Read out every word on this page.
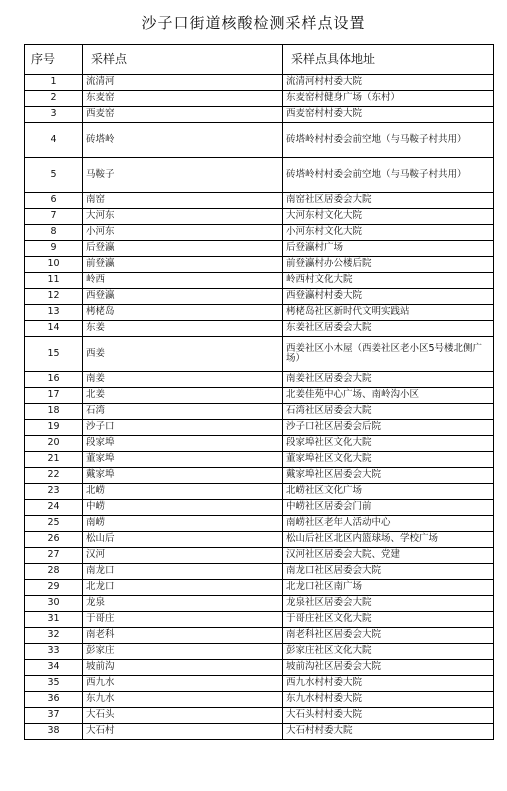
沙子口街道核酸检测采样点设置
序号	采样点	采样点具体地址
1	流清河	流清河村村委大院
2	东麦窑	东麦窑村健身广场（东村）
3	西麦窑	西麦窑村村委大院
4	砖塔岭	砖塔岭村村委会前空地（与马鞍子村共用）
5	马鞍子	砖塔岭村村委会前空地（与马鞍子村共用）
6	南窑	南窑社区居委会大院
7	大河东	大河东村文化大院
8	小河东	小河东村文化大院
9	后登瀛	后登瀛村广场
10	前登瀛	前登瀛村办公楼后院
11	岭西	岭西村文化大院
12	西登瀛	西登瀛村村委大院
13	栲栳岛	栲栳岛社区新时代文明实践站
14	东姜	东姜社区居委会大院
15	西姜	西姜社区小木屋（西姜社区老小区5号楼北侧广场）
16	南姜	南姜社区居委会大院
17	北姜	北姜佳苑中心广场、南岭沟小区
18	石湾	石湾社区居委会大院
19	沙子口	沙子口社区居委会后院
20	段家埠	段家埠社区文化大院
21	董家埠	董家埠社区文化大院
22	戴家埠	戴家埠社区居委会大院
23	北崂	北崂社区文化广场
24	中崂	中崂社区居委会门前
25	南崂	南崂社区老年人活动中心
26	松山后	松山后社区北区内篮球场、学校广场
27	汉河	汉河社区居委会大院、党建
28	南龙口	南龙口社区居委会大院
29	北龙口	北龙口社区南广场
30	龙泉	龙泉社区居委会大院
31	于哥庄	于哥庄社区文化大院
32	南老科	南老科社区居委会大院
33	彭家庄	彭家庄社区文化大院
34	坡前沟	坡前沟社区居委会大院
35	西九水	西九水村村委大院
36	东九水	东九水村村委大院
37	大石头	大石头村村委大院
38	大石村	大石村村委大院
